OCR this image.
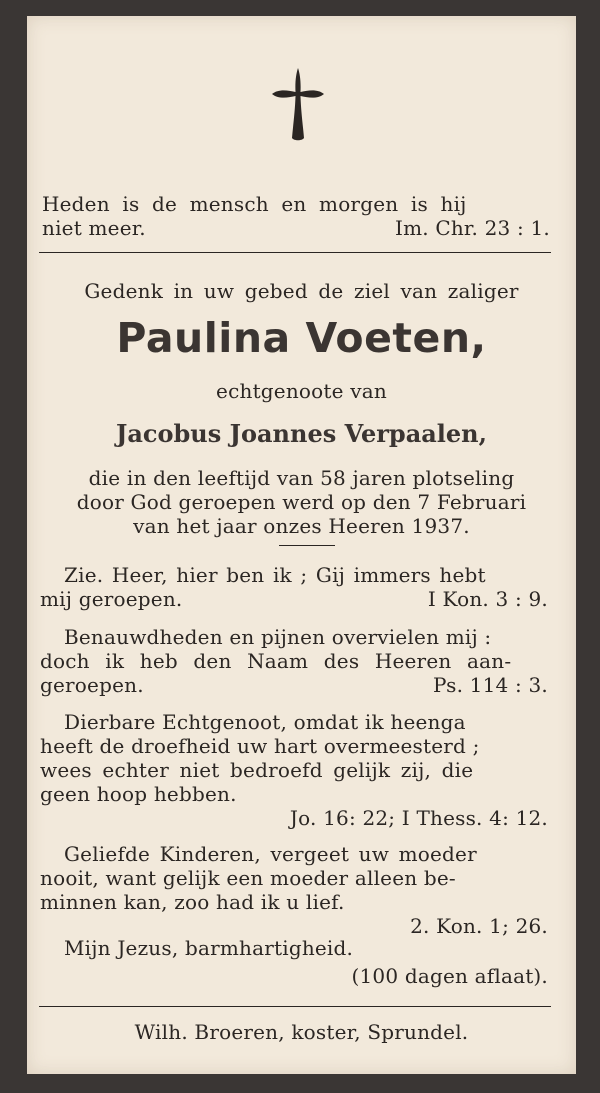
Heden is de mensch en morgen is hij
niet meer.	Im. Chr. 23 : 1.
Gedenk in uw gebed de ziel van zaliger
Paulina Voeten,
echtgenoote van
Jacobus Joannes Verpaalen,
die in den leeftijd van 58 jaren plotseling
door God geroepen werd op den 7 Februari
van het jaar onzes Heeren 1937.
Zie. Heer, hier ben ik ; Gij immers hebt
mij geroepen.	I Kon. 3 : 9.
Benauwdheden en pijnen overvielen mij :
doch ik heb den Naam des Heeren aan-
geroepen.	Ps. 114 : 3.
Dierbare Echtgenoot, omdat ik heenga
heeft de droefheid uw hart overmeesterd ;
wees echter niet bedroefd gelijk zij, die
geen hoop hebben.
Jo. 16: 22; I Thess. 4: 12.
Geliefde Kinderen, vergeet uw moeder
nooit, want gelijk een moeder alleen be-
minnen kan, zoo had ik u lief.
2. Kon. 1; 26.
Mijn Jezus, barmhartigheid.
(100 dagen aflaat).
Wilh. Broeren, koster, Sprundel.
